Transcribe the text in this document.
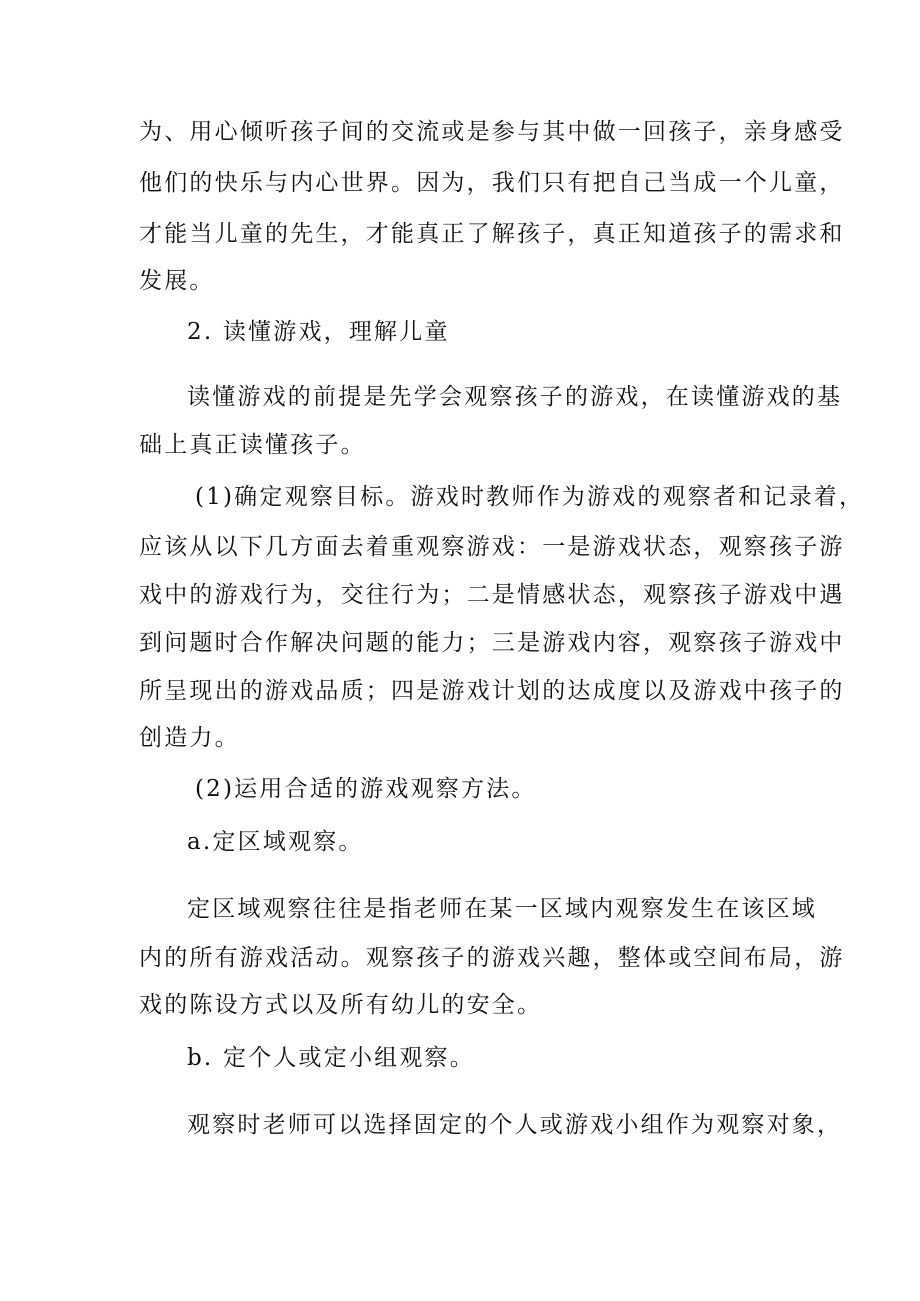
为、用心倾听孩子间的交流或是参与其中做一回孩子，亲身感受
他们的快乐与内心世界。因为，我们只有把自己当成一个儿童，
才能当儿童的先生，才能真正了解孩子，真正知道孩子的需求和
发展。
2. 读懂游戏，理解儿童
读懂游戏的前提是先学会观察孩子的游戏，在读懂游戏的基
础上真正读懂孩子。
(1)确定观察目标。游戏时教师作为游戏的观察者和记录着，
应该从以下几方面去着重观察游戏：一是游戏状态，观察孩子游
戏中的游戏行为，交往行为；二是情感状态，观察孩子游戏中遇
到问题时合作解决问题的能力；三是游戏内容，观察孩子游戏中
所呈现出的游戏品质；四是游戏计划的达成度以及游戏中孩子的
创造力。
(2)运用合适的游戏观察方法。
a.定区域观察。
定区域观察往往是指老师在某一区域内观察发生在该区域
内的所有游戏活动。观察孩子的游戏兴趣，整体或空间布局，游
戏的陈设方式以及所有幼儿的安全。
b. 定个人或定小组观察。
观察时老师可以选择固定的个人或游戏小组作为观察对象，
